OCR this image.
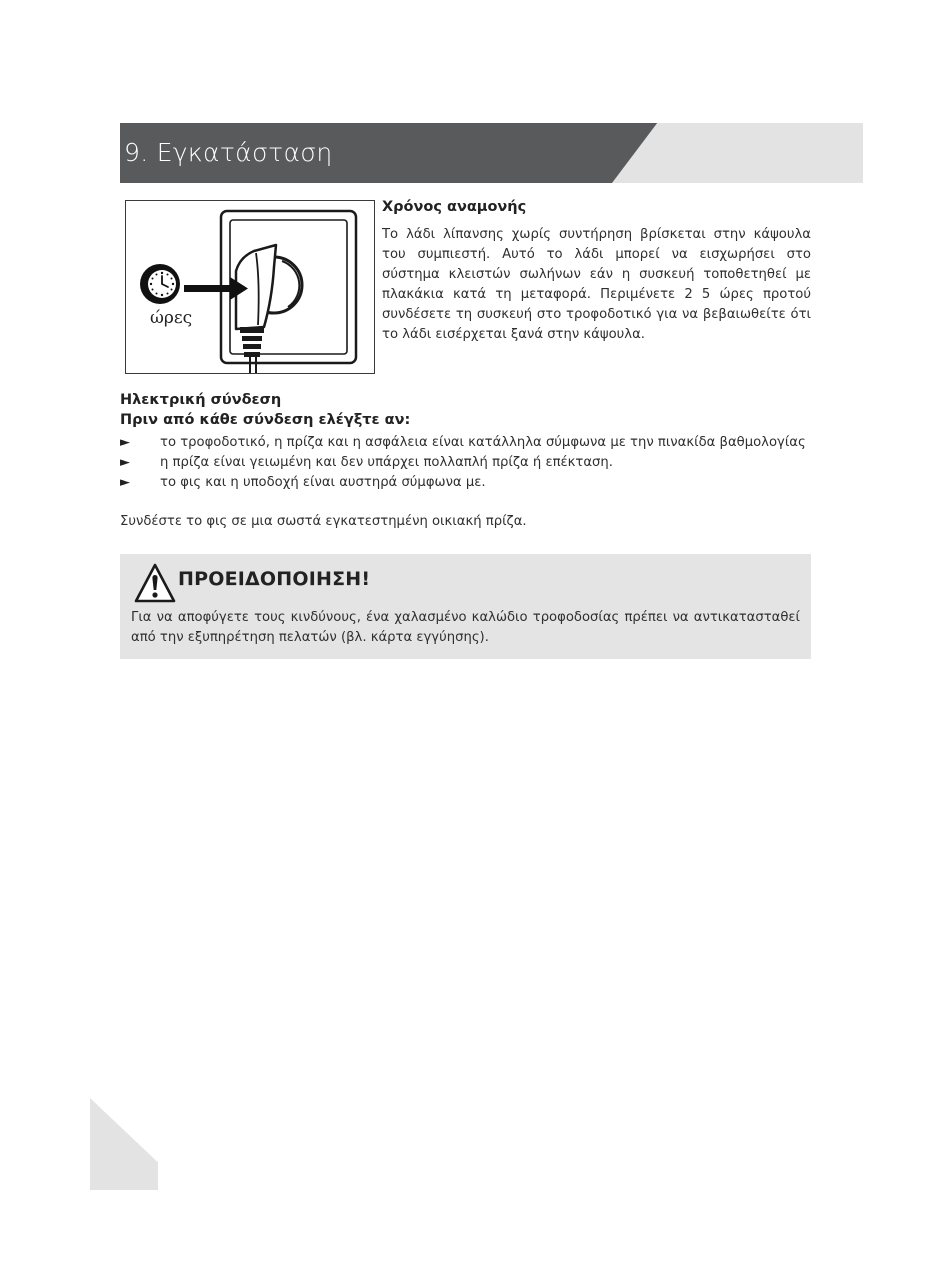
9. Εγκατάσταση
ώρες
Χρόνος αναμονής
Το λάδι λίπανσης χωρίς συντήρηση βρίσκεται στην κάψουλα του συμπιεστή. Αυτό το λάδι μπορεί να εισχωρήσει στο σύστημα κλειστών σωλήνων εάν η συσκευή τοποθετηθεί με πλακάκια κατά τη μεταφορά. Περιμένετε 2 5 ώρες προτού συνδέσετε τη συσκευή στο τροφοδοτικό για να βεβαιωθείτε ότι το λάδι εισέρχεται ξανά στην κάψουλα.
Ηλεκτρική σύνδεση
Πριν από κάθε σύνδεση ελέγξτε αν:
► το τροφοδοτικό, η πρίζα και η ασφάλεια είναι κατάλληλα σύμφωνα με την πινακίδα βαθμολογίας
► η πρίζα είναι γειωμένη και δεν υπάρχει πολλαπλή πρίζα ή επέκταση.
► το φις και η υποδοχή είναι αυστηρά σύμφωνα με.
Συνδέστε το φις σε μια σωστά εγκατεστημένη οικιακή πρίζα.
ΠΡΟΕΙΔΟΠΟΙΗΣΗ!
Για να αποφύγετε τους κινδύνους, ένα χαλασμένο καλώδιο τροφοδοσίας πρέπει να αντικατασταθεί από την εξυπηρέτηση πελατών (βλ. κάρτα εγγύησης).
